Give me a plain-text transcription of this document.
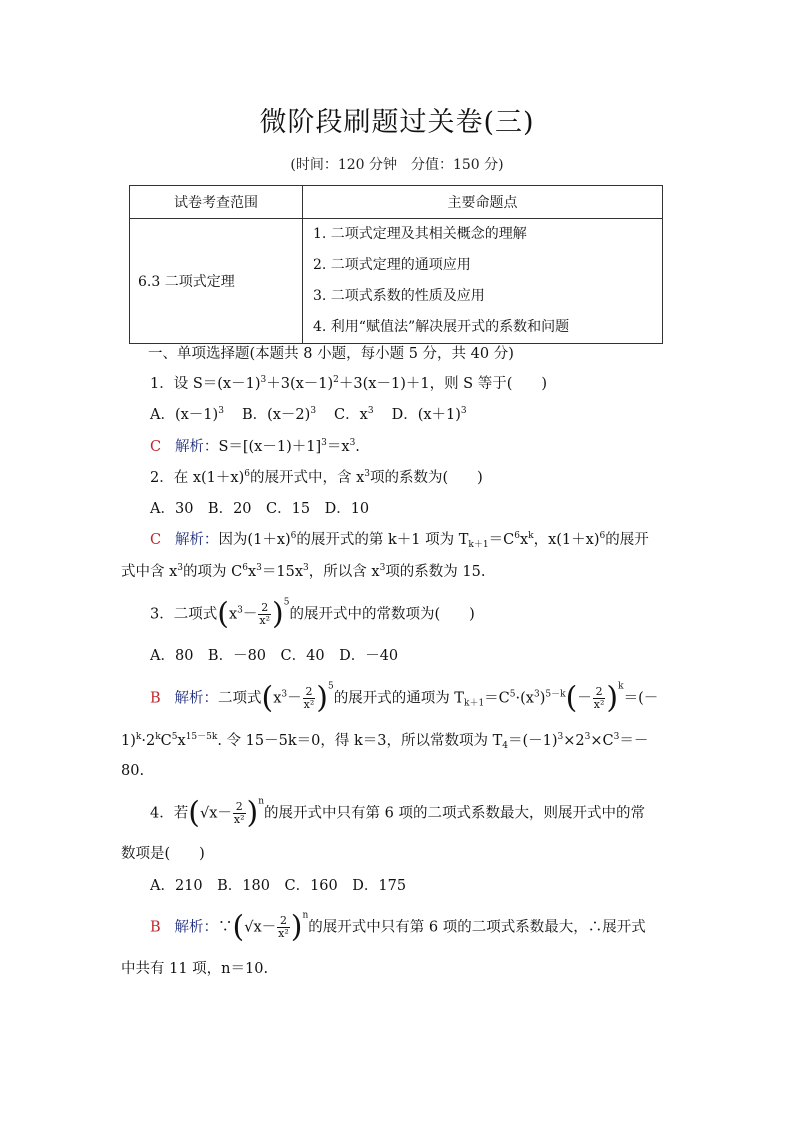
微阶段刷题过关卷(三)
(时间：120 分钟　分值：150 分)
试卷考查范围	主要命题点
6.3 二项式定理	1. 二项式定理及其相关概念的理解
2. 二项式定理的通项应用
3. 二项式系数的性质及应用
4. 利用“赋值法”解决展开式的系数和问题
一、单项选择题(本题共 8 小题，每小题 5 分，共 40 分)
1．设 $S=(x-1)^3+3(x-1)^2+3(x-1)+1$，则 S 等于(　　)
A．$(x-1)^3$ B．$(x-2)^3$ C．$x^3$ D．$(x+1)^3$
C 解析：$S=[(x-1)+1]^3=x^3$.
2．在 $x(1+x)^6$的展开式中，含 $x^3$项的系数为(　　)
A．30　B．20　C．15　D．10
C 解析：因为$(1+x)^6$的展开式的第 k＋1 项为 $T_{k+1}=C^6x^k$，$x(1+x)^6$的展开
式中含 $x^3$的项为 $C^6x^3=15x^3$，所以含 $x^3$项的系数为 15.
3．二项式$(x^3- \frac{2}{\text{x²}} )^5$的展开式中的常数项为(　　)
A．80　B．－80　C．40　D．－40
B 解析：二项式$(x^3- \frac{2}{\text{x²}} )^5$的展开式的通项为 $T_{k+1}=C^5\cdot(x^3)^{5-k}(- \frac{2}{\text{x²}} )^k=(-$
$1)^k\cdot 2^kC^5x^{15-5k}$. 令 15－5k＝0，得 k＝3，所以常数项为 $T_4=(-1)^3\times 2^3\times C^3=-$
80.
4．若$(√x- \frac{2}{\text{x²}} )^n$的展开式中只有第 6 项的二项式系数最大，则展开式中的常
数项是(　　)
A．210　B．180　C．160　D．175
B 解析：∵(√x－ $\frac{2}{\text{x²}} )^n$的展开式中只有第 6 项的二项式系数最大，∴展开式
中共有 11 项，n＝10.
